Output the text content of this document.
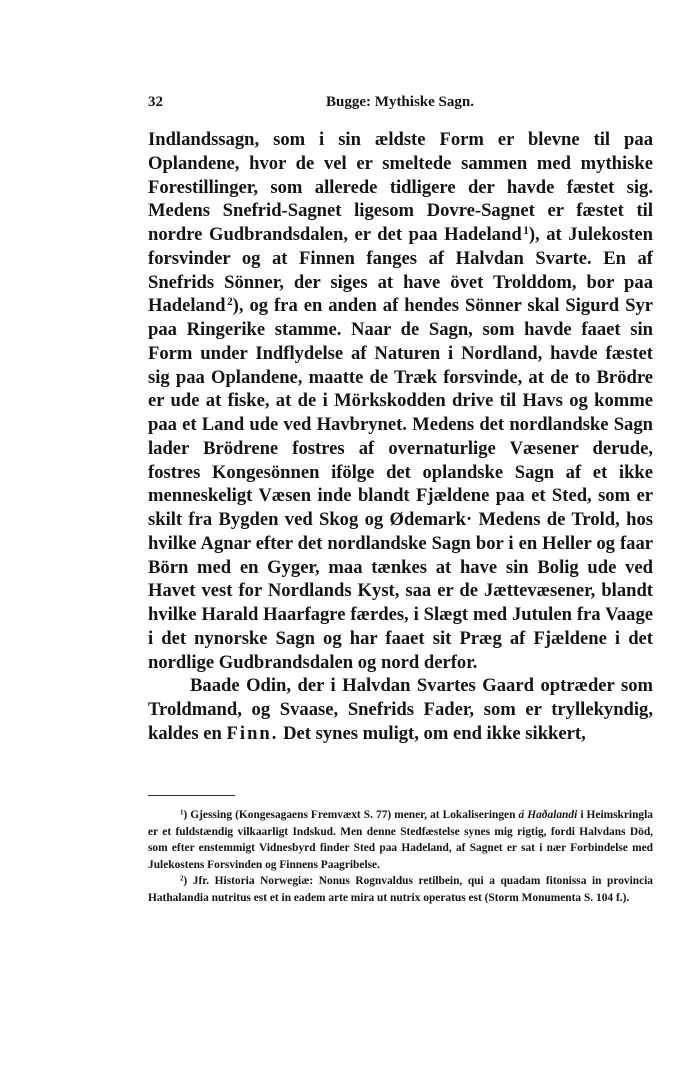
32	Bugge: Mythiske Sagn.

Indlandssagn, som i sin ældste Form er blevne til paa Oplandene, hvor de vel er smeltede sammen med mythiske Forestillinger, som allerede tidligere der havde fæstet sig. Medens Snefrid-Sagnet ligesom Dovre-Sagnet er fæstet til nordre Gudbrandsdalen, er det paa Hadeland  $^1$), at Julekosten forsvinder og at Finnen fanges af Halvdan Svarte. En af Snefrids Sönner, der siges at have övet Trolddom, bor paa Hadeland  $^2$), og fra en anden af hendes Sönner skal Sigurd Syr paa Ringerike stamme. Naar de Sagn, som havde faaet sin Form under Indflydelse af Naturen i Nordland, havde fæstet sig paa Oplandene, maatte de Træk forsvinde, at de to Brödre er ude at fiske, at de i Mörkskodden drive til Havs og komme paa et Land ude ved Havbrynet. Medens det nordlandske Sagn lader Brödrene fostres af overnaturlige Væsener derude, fostres Kongesönnen ifölge det oplandske Sagn af et ikke menneskeligt Væsen inde blandt Fjældene paa et Sted, som er skilt fra Bygden ved Skog og Ødemark· Medens de Trold, hos hvilke Agnar efter det nordlandske Sagn bor i en Heller og faar Börn med en Gyger, maa tænkes at have sin Bolig ude ved Havet vest for Nordlands Kyst, saa er de Jættevæsener, blandt hvilke Harald Haarfagre færdes, i Slægt med Jutulen fra Vaage i det nynorske Sagn og har faaet sit Præg af Fjældene i det nordlige Gudbrandsdalen og nord derfor.

Baade Odin, der i Halvdan Svartes Gaard optræder som Troldmand, og Svaase, Snefrids Fader, som er tryllekyndig, kaldes en Finn. Det synes muligt, om end ikke sikkert,

$^1$) Gjessing (Kongesagaens Fremvæxt S. 77) mener, at Lokaliseringen á Haðalandi i Heimskringla er et fuldstændig vilkaarligt Indskud. Men denne Stedfæstelse synes mig rigtig, fordi Halvdans Död, som efter enstemmigt Vidnesbyrd finder Sted paa Hadeland, af Sagnet er sat i nær Forbindelse med Julekostens Forsvinden og Finnens Paagribelse.

$^2$) Jfr. Historia Norwegiæ: Nonus Rognvaldus retilbein, qui a quadam fitonissa in provincia Hathalandia nutritus est et in eadem arte mira ut nutrix operatus est (Storm Monumenta S. 104 f.).
